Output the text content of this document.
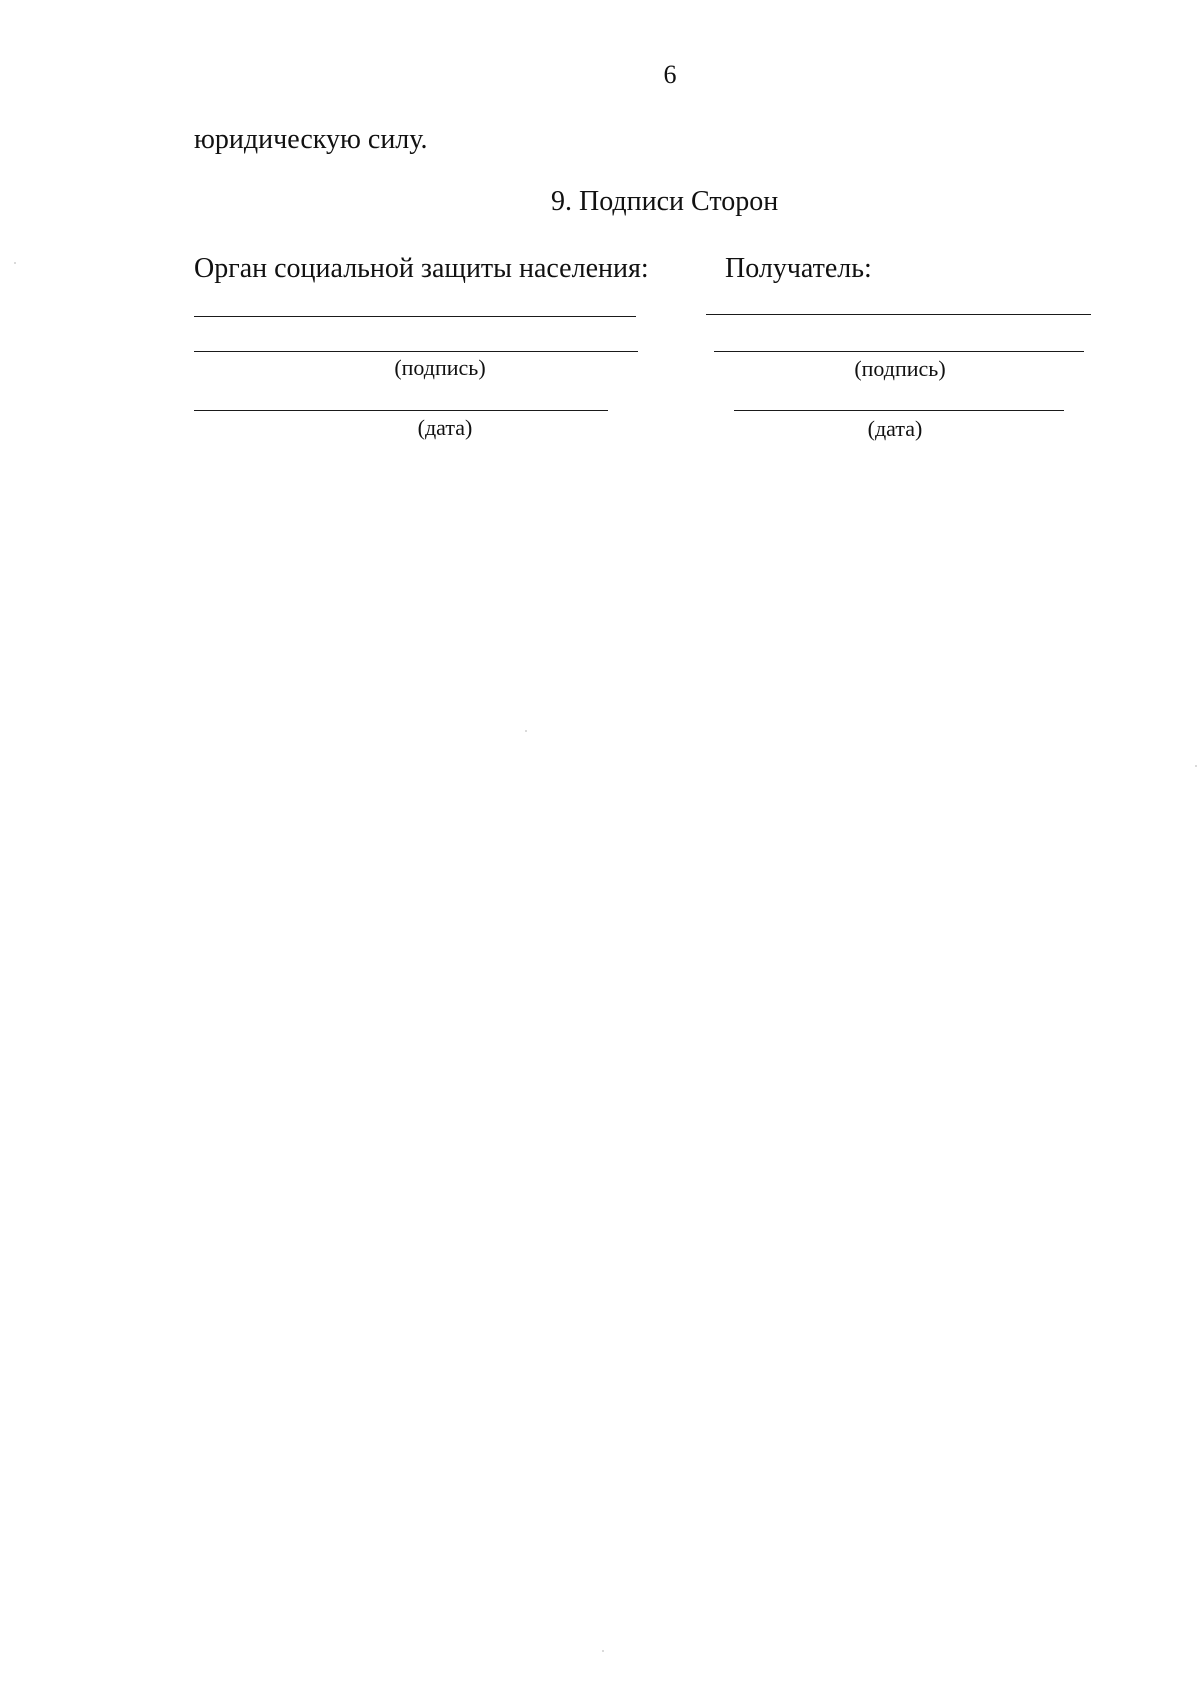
6
юридическую силу.
9. Подписи Сторон
Орган социальной защиты населения:
(подпись)
(дата)
Получатель:
(подпись)
(дата)
